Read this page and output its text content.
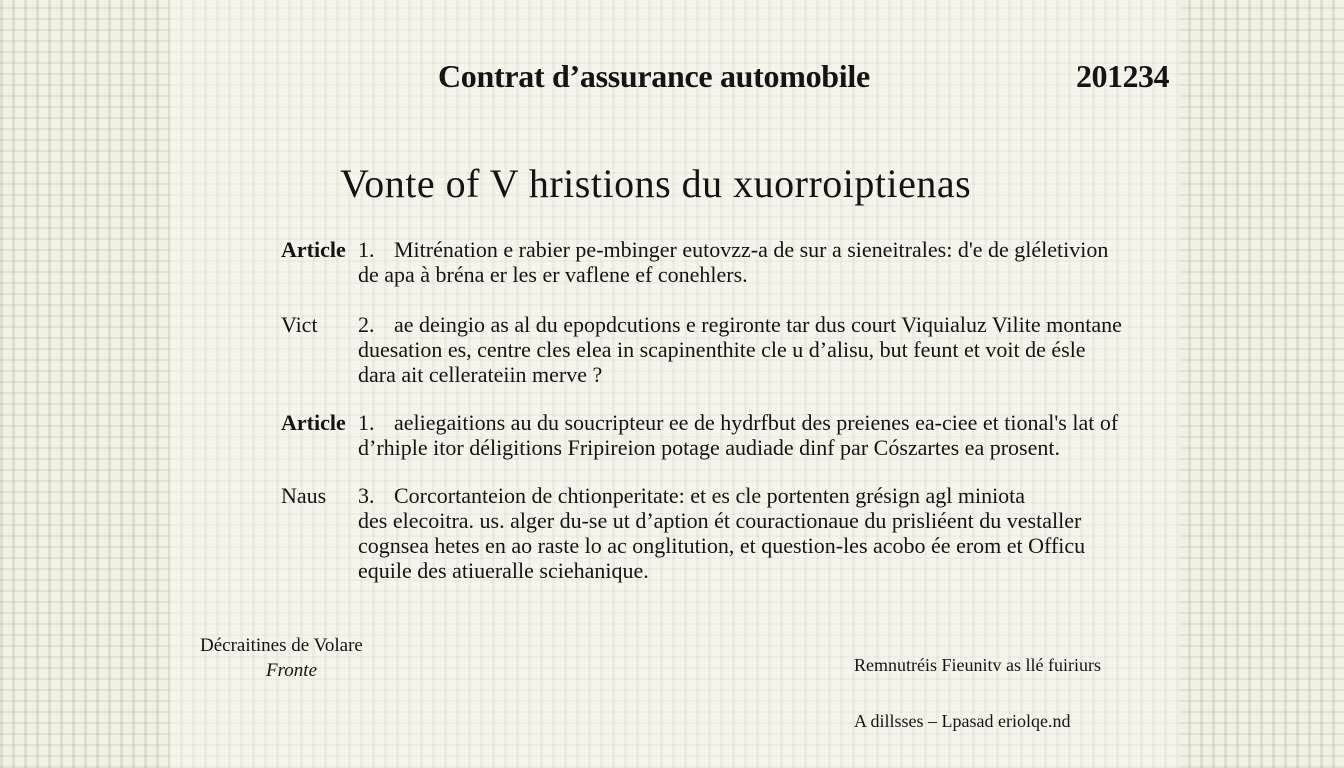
Contrat d’assurance automobile	201234
Vonte of V hristions du xuorroiptienas
Article 1. Mitrénation e rabier pe-mbinger eutovzz-a de sur a sieneitrales: d'e de gléletivion
de apa à bréna er les er vaflene ef conehlers.
Vict 2. ae deingio as al du epopdcutions e regironte tar dus court Viquialuz Vilite montane
duesation es, centre cles elea in scapinenthite cle u d’alisu, but feunt et voit de ésle
dara ait cellerateiin merve ?
Article 1. aeliegaitions au du soucripteur ee de hydrfbut des preienes ea-ciee et tional's lat of
d’rhiple itor déligitions Fripireion potage audiade dinf par Cószartes ea prosent.
Naus 3. Corcortanteion de chtionperitate: et es cle portenten grésign agl miniota
des elecoitra. us. alger du-se ut d’aption ét couractionaue du prisliéent du vestaller
cognsea hetes en ao raste lo ac onglitution, et question-les acobo ée erom et Officu
equile des atiueralle sciehanique.
Décraitines de Volare
Fronte	Remnutréis Fieunitv as llé fuiriurs
A dillsses – Lpasad eriolqe.nd
